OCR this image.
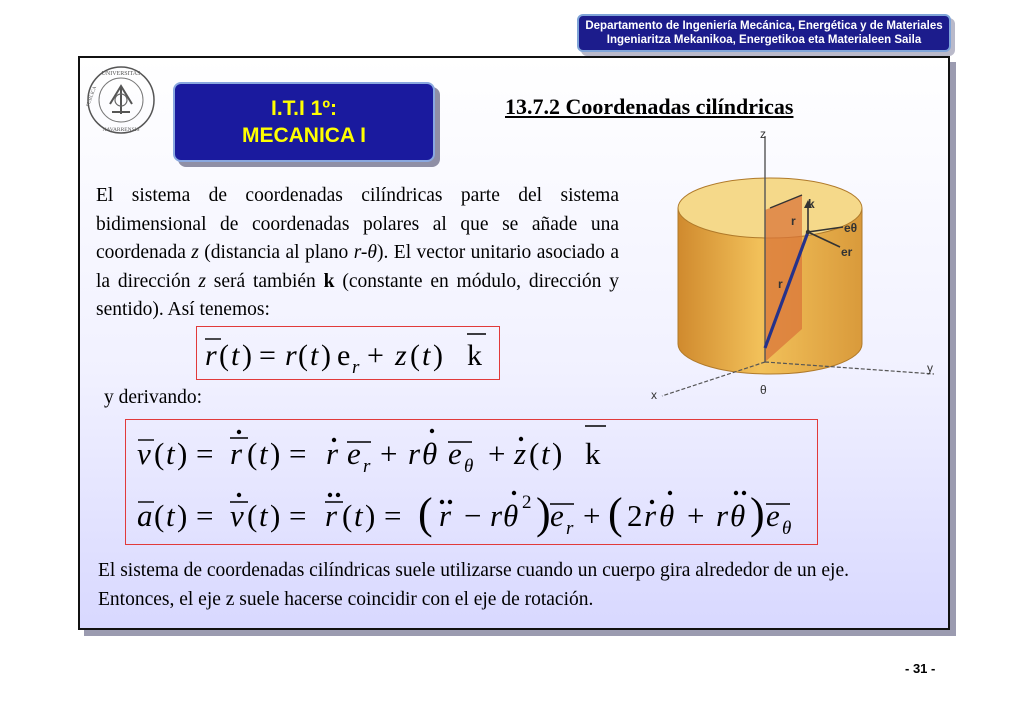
Departamento de Ingeniería Mecánica, Energética y de Materiales
Ingeniaritza Mekanikoa, Energetikoa eta Materialeen Saila
UNIVERSITAS
PUBLICA
NAVARRENSIS
I.T.I 1º:
MECANICA I
13.7.2 Coordenadas cilíndricas
El sistema de coordenadas cilíndricas parte del sistema bidimensional de coordenadas polares al que se añade una coordenada z (distancia al plano r-θ). El vector unitario asociado a la dirección z será también k (constante en módulo, dirección y sentido). Así tenemos:
r ( t ) = r ( t ) e r + z ( t ) k
y derivando:
v ( t ) = r ( t ) = r e r + r θ e θ + z ( t ) k
a ( t ) = v ( t ) = r ( t ) = ( r − r θ 2 ) e r + ( 2 r θ + r θ ) e θ
El sistema de coordenadas cilíndricas suele utilizarse cuando un cuerpo gira alrededor de un eje. Entonces, el eje z suele hacerse coincidir con el eje de rotación.
z
k
eθ
er
r
r
x
y
θ
- 31 -
